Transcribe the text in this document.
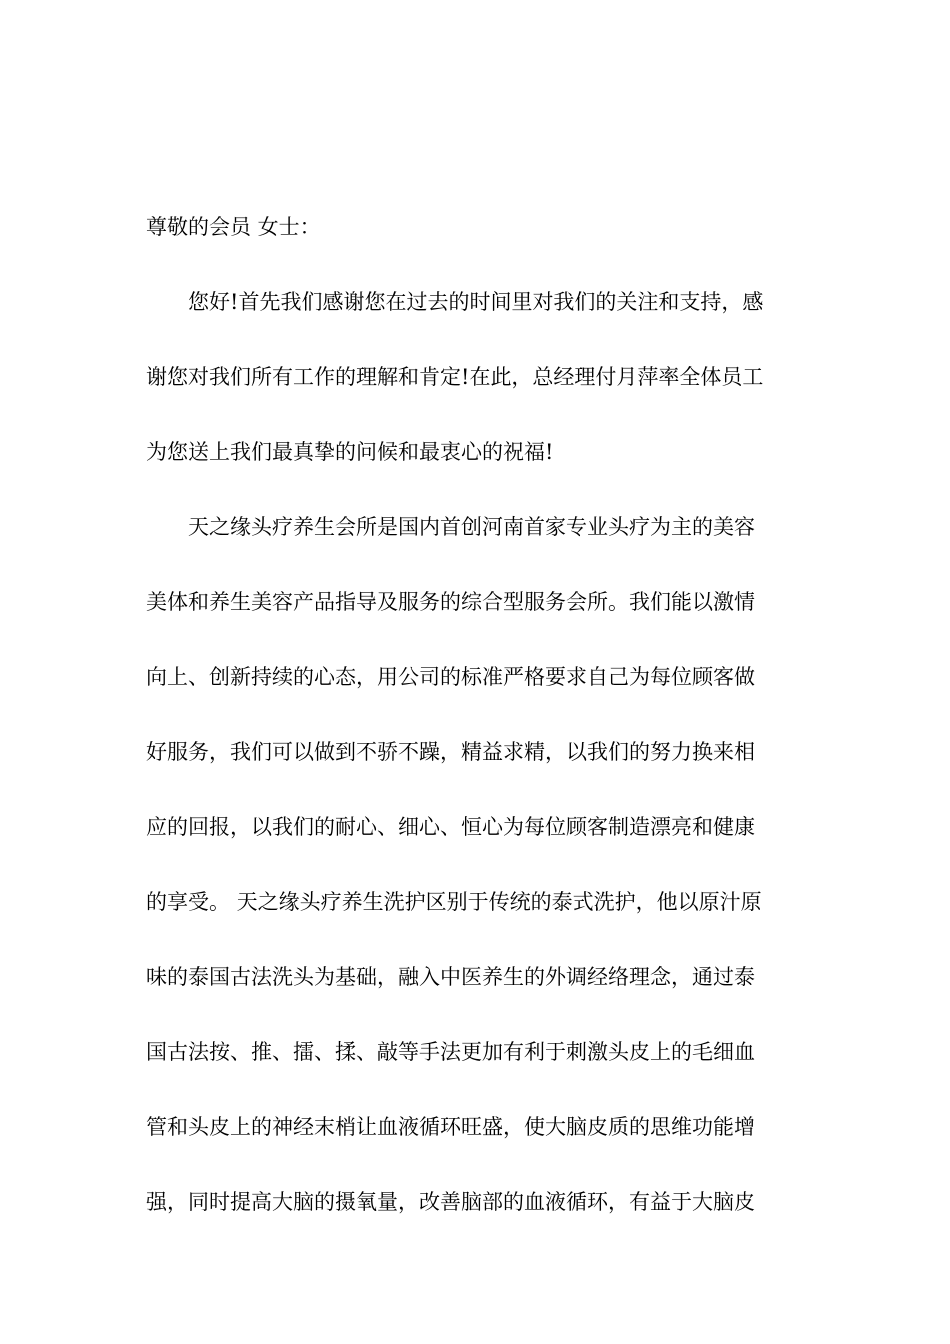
尊敬的会员 女士：
您好!首先我们感谢您在过去的时间里对我们的关注和支持，感
谢您对我们所有工作的理解和肯定!在此，总经理付月萍率全体员工
为您送上我们最真挚的问候和最衷心的祝福!
天之缘头疗养生会所是国内首创河南首家专业头疗为主的美容
美体和养生美容产品指导及服务的综合型服务会所。我们能以激情
向上、创新持续的心态，用公司的标准严格要求自己为每位顾客做
好服务，我们可以做到不骄不躁，精益求精，以我们的努力换来相
应的回报，以我们的耐心、细心、恒心为每位顾客制造漂亮和健康
的享受。 天之缘头疗养生洗护区别于传统的泰式洗护，他以原汁原
味的泰国古法洗头为基础，融入中医养生的外调经络理念，通过泰
国古法按、推、擂、揉、敲等手法更加有利于刺激头皮上的毛细血
管和头皮上的神经末梢让血液循环旺盛，使大脑皮质的思维功能增
强，同时提高大脑的摄氧量，改善脑部的血液循环，有益于大脑皮
